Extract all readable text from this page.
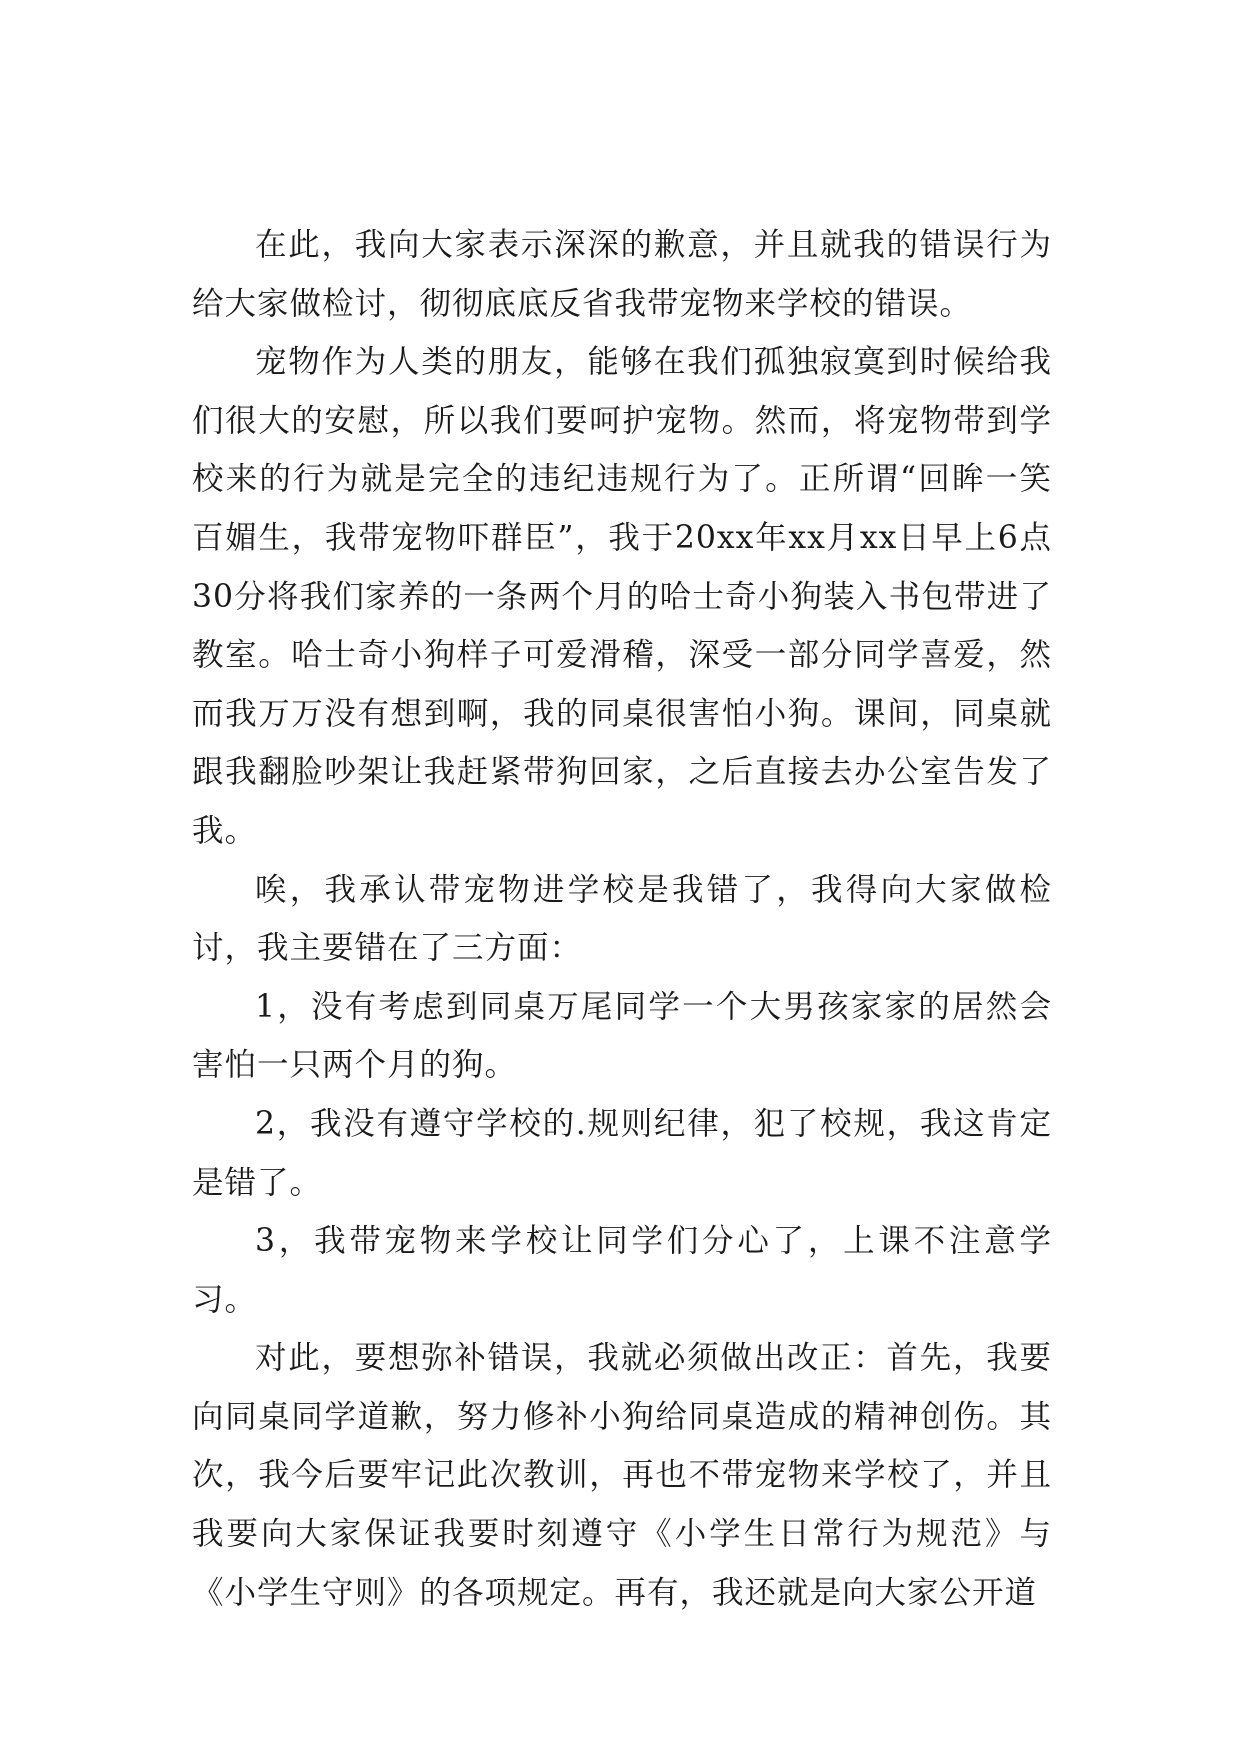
在此，我向大家表示深深的歉意，并且就我的错误行为给大家做检讨，彻彻底底反省我带宠物来学校的错误。

宠物作为人类的朋友，能够在我们孤独寂寞到时候给我们很大的安慰，所以我们要呵护宠物。然而，将宠物带到学校来的行为就是完全的违纪违规行为了。正所谓“回眸一笑百媚生，我带宠物吓群臣”，我于20xx年xx月xx日早上6点30分将我们家养的一条两个月的哈士奇小狗装入书包带进了教室。哈士奇小狗样子可爱滑稽，深受一部分同学喜爱，然而我万万没有想到啊，我的同桌很害怕小狗。课间，同桌就跟我翻脸吵架让我赶紧带狗回家，之后直接去办公室告发了我。

唉，我承认带宠物进学校是我错了，我得向大家做检讨，我主要错在了三方面：

1，没有考虑到同桌万尾同学一个大男孩家家的居然会害怕一只两个月的狗。

2，我没有遵守学校的.规则纪律，犯了校规，我这肯定是错了。

3，我带宠物来学校让同学们分心了，上课不注意学习。

对此，要想弥补错误，我就必须做出改正：首先，我要向同桌同学道歉，努力修补小狗给同桌造成的精神创伤。其次，我今后要牢记此次教训，再也不带宠物来学校了，并且我要向大家保证我要时刻遵守《小学生日常行为规范》与《小学生守则》的各项规定。再有，我还就是向大家公开道
